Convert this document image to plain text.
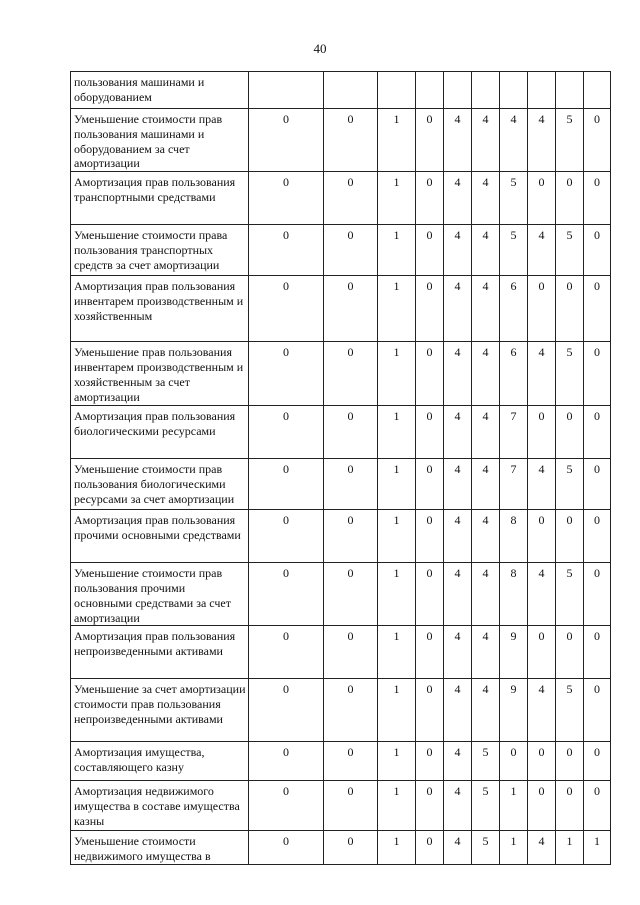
40
пользования машинами и оборудованием										
Уменьшение стоимости прав пользования машинами и оборудованием за счет амортизации	0	0	1	0	4	4	4	4	5	0
Амортизация прав пользования транспортными средствами	0	0	1	0	4	4	5	0	0	0
Уменьшение стоимости права пользования транспортных средств за счет амортизации	0	0	1	0	4	4	5	4	5	0
Амортизация прав пользования инвентарем производственным и хозяйственным	0	0	1	0	4	4	6	0	0	0
Уменьшение прав пользования инвентарем производственным и хозяйственным за счет амортизации	0	0	1	0	4	4	6	4	5	0
Амортизация прав пользования биологическими ресурсами	0	0	1	0	4	4	7	0	0	0
Уменьшение стоимости прав пользования биологическими ресурсами за счет амортизации	0	0	1	0	4	4	7	4	5	0
Амортизация прав пользования прочими основными средствами	0	0	1	0	4	4	8	0	0	0
Уменьшение стоимости прав пользования прочими основными средствами за счет амортизации	0	0	1	0	4	4	8	4	5	0
Амортизация прав пользования непроизведенными активами	0	0	1	0	4	4	9	0	0	0
Уменьшение за счет амортизации стоимости прав пользования непроизведенными активами	0	0	1	0	4	4	9	4	5	0
Амортизация имущества, составляющего казну	0	0	1	0	4	5	0	0	0	0
Амортизация недвижимого имущества в составе имущества казны	0	0	1	0	4	5	1	0	0	0
Уменьшение стоимости недвижимого имущества в	0	0	1	0	4	5	1	4	1	1
